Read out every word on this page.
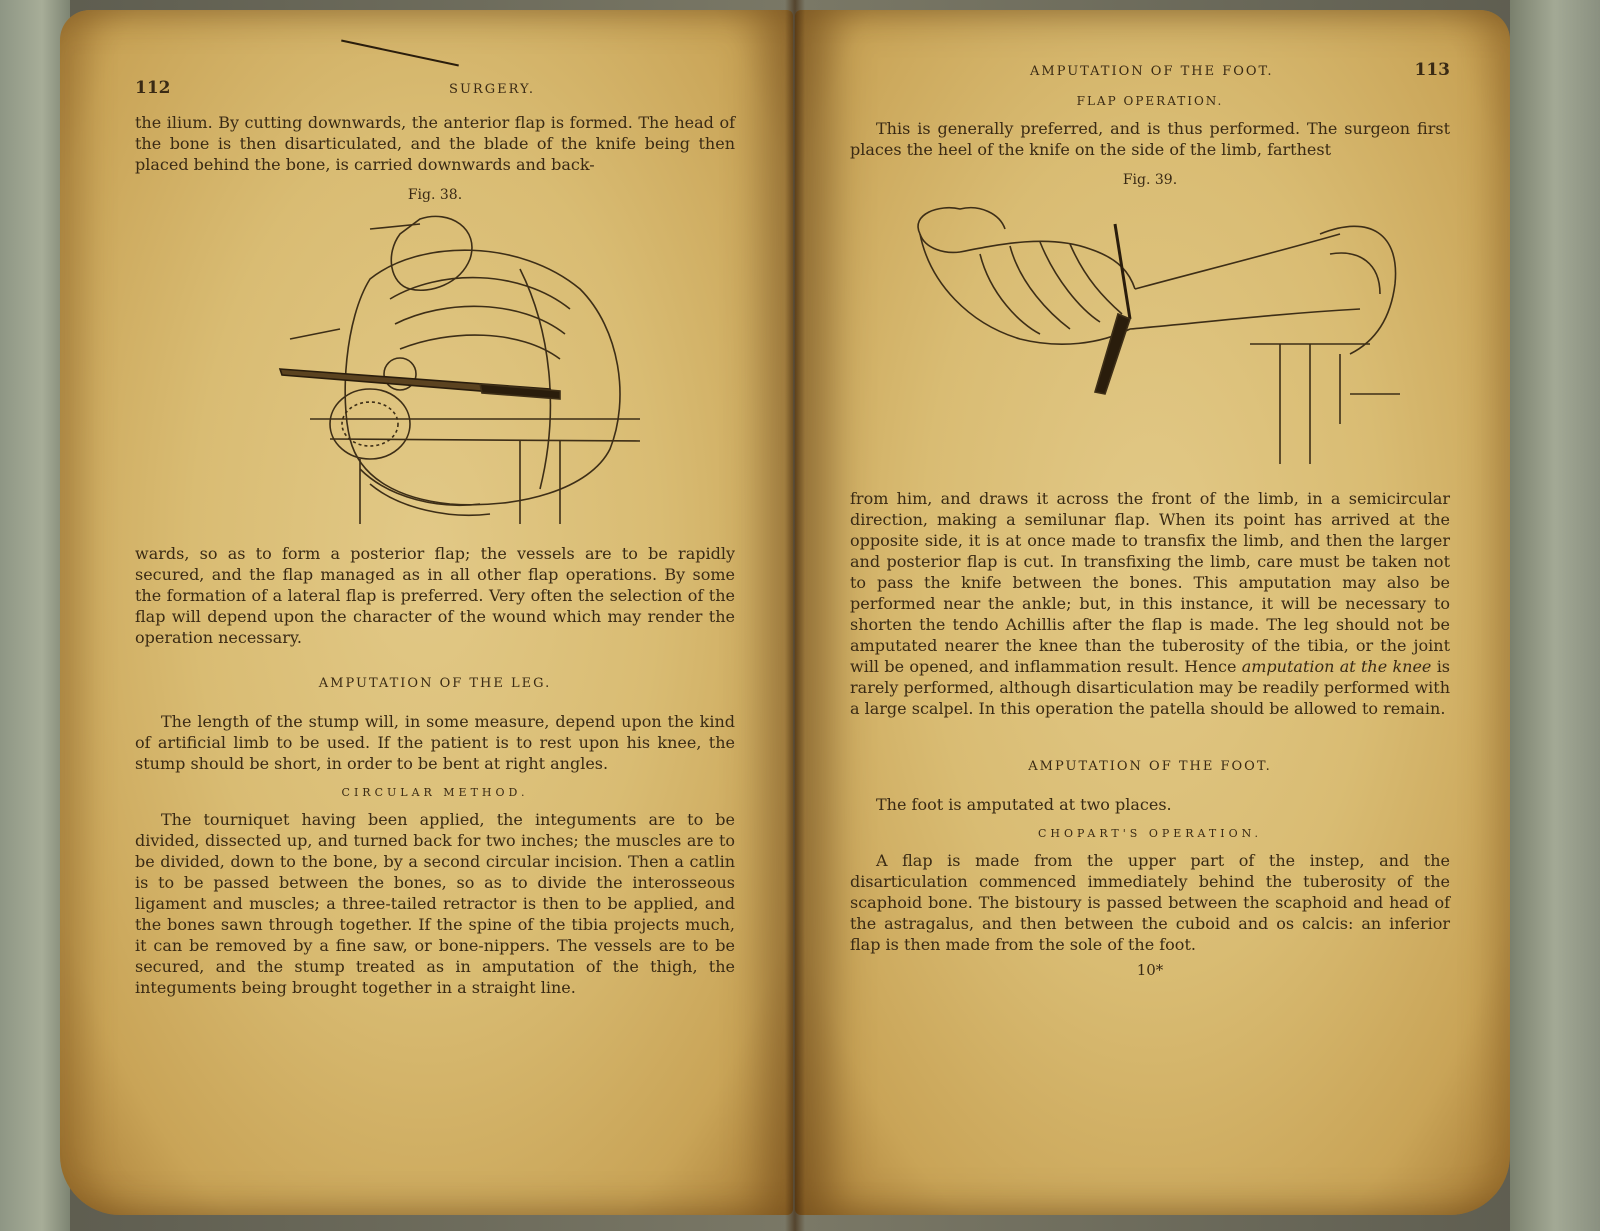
112	SURGERY.

the ilium. By cutting downwards, the anterior flap is formed. The head of the bone is then disarticulated, and the blade of the knife being then placed behind the bone, is carried downwards and back-

Fig. 38.

wards, so as to form a posterior flap; the vessels are to be rapidly secured, and the flap managed as in all other flap operations. By some the formation of a lateral flap is preferred. Very often the selection of the flap will depend upon the character of the wound which may render the operation necessary.

AMPUTATION OF THE LEG.

The length of the stump will, in some measure, depend upon the kind of artificial limb to be used. If the patient is to rest upon his knee, the stump should be short, in order to be bent at right angles.

CIRCULAR METHOD.

The tourniquet having been applied, the integuments are to be divided, dissected up, and turned back for two inches; the muscles are to be divided, down to the bone, by a second circular incision. Then a catlin is to be passed between the bones, so as to divide the interosseous ligament and muscles; a three-tailed retractor is then to be applied, and the bones sawn through together. If the spine of the tibia projects much, it can be removed by a fine saw, or bone-nippers. The vessels are to be secured, and the stump treated as in amputation of the thigh, the integuments being brought together in a straight line.

AMPUTATION OF THE FOOT.	113
FLAP OPERATION.

This is generally preferred, and is thus performed. The surgeon first places the heel of the knife on the side of the limb, farthest

Fig. 39.

from him, and draws it across the front of the limb, in a semicircular direction, making a semilunar flap. When its point has arrived at the opposite side, it is at once made to transfix the limb, and then the larger and posterior flap is cut. In transfixing the limb, care must be taken not to pass the knife between the bones. This amputation may also be performed near the ankle; but, in this instance, it will be necessary to shorten the tendo Achillis after the flap is made. The leg should not be amputated nearer the knee than the tuberosity of the tibia, or the joint will be opened, and inflammation result. Hence amputation at the knee is rarely performed, although disarticulation may be readily performed with a large scalpel. In this operation the patella should be allowed to remain.

AMPUTATION OF THE FOOT.

The foot is amputated at two places.

CHOPART'S OPERATION.

A flap is made from the upper part of the instep, and the disarticulation commenced immediately behind the tuberosity of the scaphoid bone. The bistoury is passed between the scaphoid and head of the astragalus, and then between the cuboid and os calcis: an inferior flap is then made from the sole of the foot.

10*
